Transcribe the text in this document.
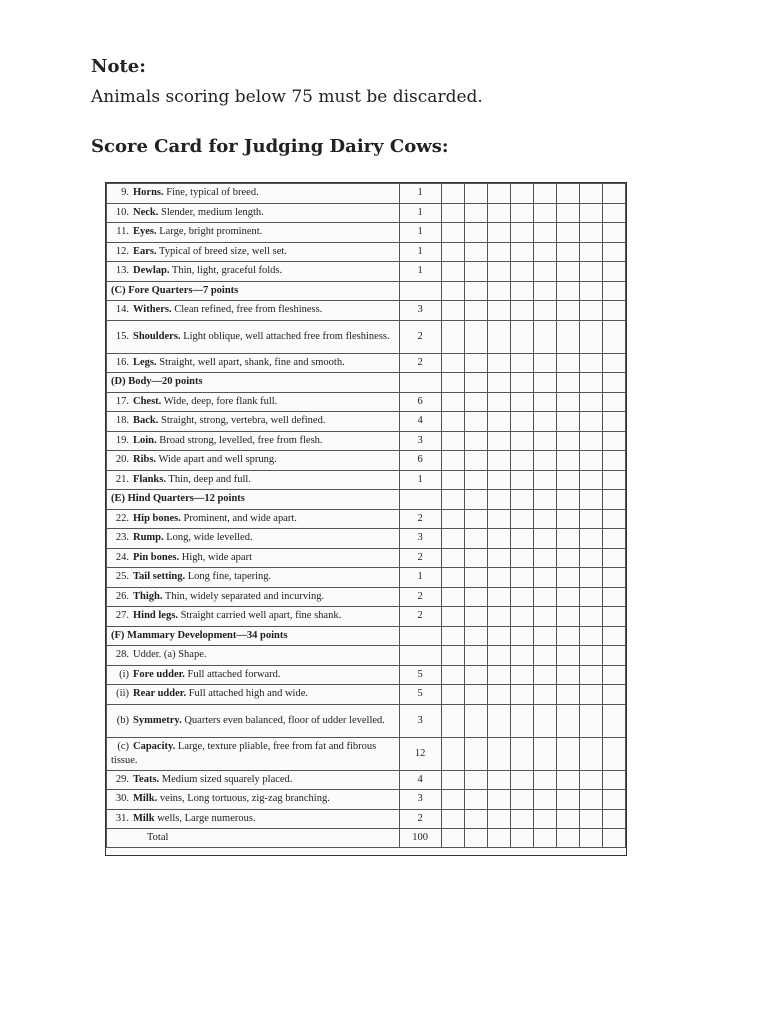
Note:

Animals scoring below 75 must be discarded.

Score Card for Judging Dairy Cows:
9. Horns. Fine, typical of breed.	1								
10. Neck. Slender, medium length.	1								
11. Eyes. Large, bright prominent.	1								
12. Ears. Typical of breed size, well set.	1								
13. Dewlap. Thin, light, graceful folds.	1								
(C) Fore Quarters—7 points									
14. Withers. Clean refined, free from fleshiness.	3								
15. Shoulders. Light oblique, well attached free from fleshiness.	2								
16. Legs. Straight, well apart, shank, fine and smooth.	2								
(D) Body—20 points									
17. Chest. Wide, deep, fore flank full.	6								
18. Back. Straight, strong, vertebra, well defined.	4								
19. Loin. Broad strong, levelled, free from flesh.	3								
20. Ribs. Wide apart and well sprung.	6								
21. Flanks. Thin, deep and full.	1								
(E) Hind Quarters—12 points									
22. Hip bones. Prominent, and wide apart.	2								
23. Rump. Long, wide levelled.	3								
24. Pin bones. High, wide apart	2								
25. Tail setting. Long fine, tapering.	1								
26. Thigh. Thin, widely separated and incurving.	2								
27. Hind legs. Straight carried well apart, fine shank.	2								
(F) Mammary Development—34 points									
28. Udder. (a) Shape.									
(i) Fore udder. Full attached forward.	5								
(ii) Rear udder. Full attached high and wide.	5								
(b) Symmetry. Quarters even balanced, floor of udder levelled.	3								
(c) Capacity. Large, texture pliable, free from fat and fibrous tissue.	12								
29. Teats. Medium sized squarely placed.	4								
30. Milk. veins, Long tortuous, zig-zag branching.	3								
31. Milk wells, Large numerous.	2								
Total	100								
